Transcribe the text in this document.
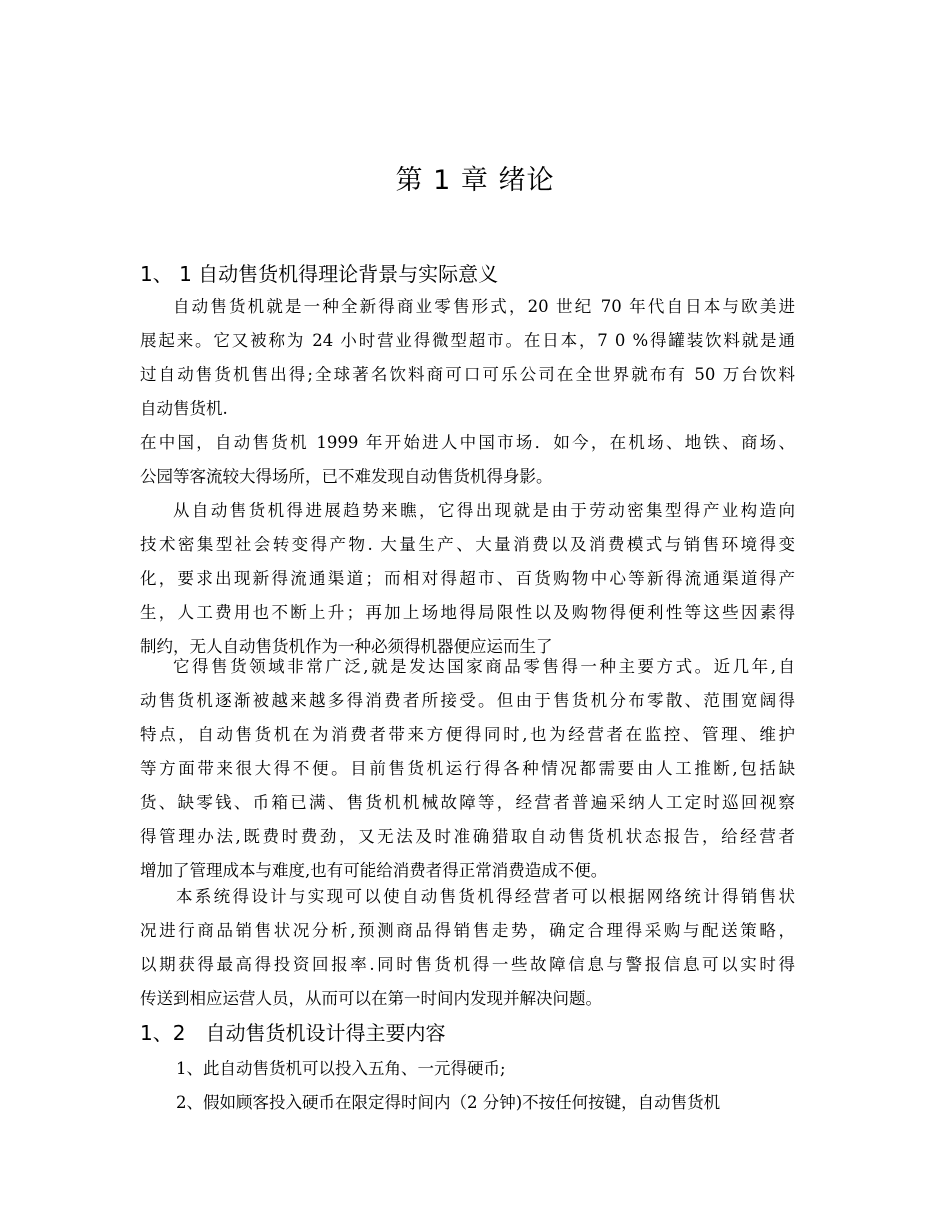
第 1 章 绪论
1、 1 自动售货机得理论背景与实际意义
自动售货机就是一种全新得商业零售形式，20 世纪 70 年代自日本与欧美进
展起来。它又被称为 24 小时营业得微型超市。在日本，7 0 %得罐装饮料就是通
过自动售货机售出得;全球著名饮料商可口可乐公司在全世界就布有 50 万台饮料
自动售货机.
在中国，自动售货机 1999 年开始进人中国市场．如今，在机场、地铁、商场、
公园等客流较大得场所，已不难发现自动售货机得身影。
从自动售货机得进展趋势来瞧，它得出现就是由于劳动密集型得产业构造向
技术密集型社会转变得产物. 大量生产、大量消费以及消费模式与销售环境得变
化，要求出现新得流通渠道；而相对得超市、百货购物中心等新得流通渠道得产
生，人工费用也不断上升；再加上场地得局限性以及购物得便利性等这些因素得
制约，无人自动售货机作为一种必须得机器便应运而生了
它得售货领域非常广泛,就是发达国家商品零售得一种主要方式。近几年,自
动售货机逐渐被越来越多得消费者所接受。但由于售货机分布零散、范围宽阔得
特点，自动售货机在为消费者带来方便得同时,也为经营者在监控、管理、维护
等方面带来很大得不便。目前售货机运行得各种情况都需要由人工推断,包括缺
货、缺零钱、币箱已满、售货机机械故障等，经营者普遍采纳人工定时巡回视察
得管理办法,既费时费劲，又无法及时准确猎取自动售货机状态报告，给经营者
增加了管理成本与难度,也有可能给消费者得正常消费造成不便。
本系统得设计与实现可以使自动售货机得经营者可以根据网络统计得销售状
况进行商品销售状况分析,预测商品得销售走势，确定合理得采购与配送策略，
以期获得最高得投资回报率.同时售货机得一些故障信息与警报信息可以实时得
传送到相应运营人员，从而可以在第一时间内发现并解决问题。
1、2　自动售货机设计得主要内容
1、此自动售货机可以投入五角、一元得硬币;
2、假如顾客投入硬币在限定得时间内（2 分钟)不按任何按键，自动售货机
